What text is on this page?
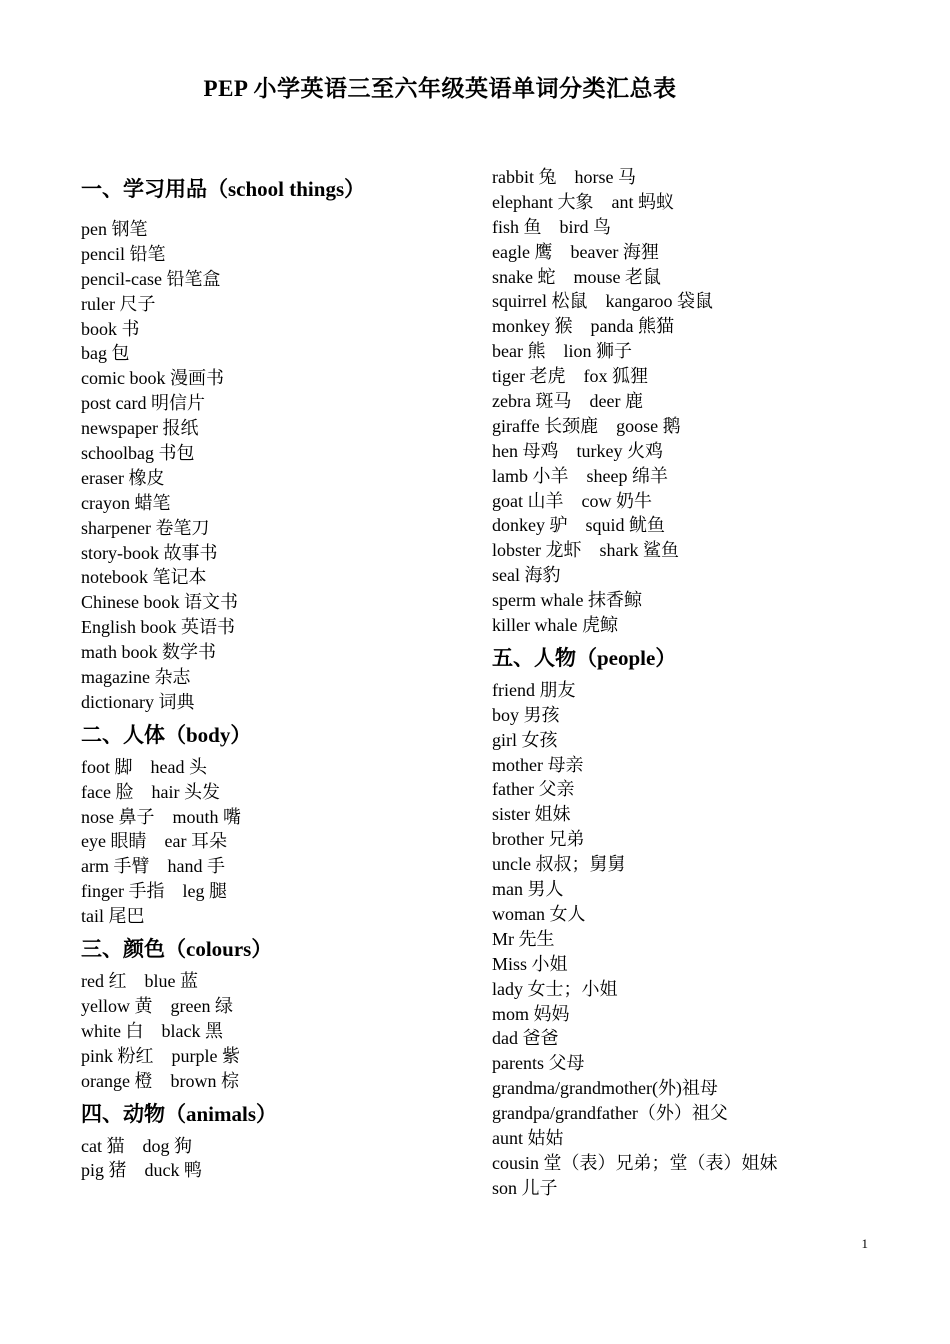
PEP 小学英语三至六年级英语单词分类汇总表
一、学习用品（school things）
pen 钢笔
pencil 铅笔
pencil-case 铅笔盒
ruler 尺子
book 书
bag 包
comic book 漫画书
post card 明信片
newspaper 报纸
schoolbag 书包
eraser 橡皮
crayon 蜡笔
sharpener 卷笔刀
story-book 故事书
notebook 笔记本
Chinese book 语文书
English book 英语书
math book 数学书
magazine 杂志
dictionary 词典
二、人体（body）
foot 脚 head 头
face 脸 hair 头发
nose 鼻子 mouth 嘴
eye 眼睛 ear 耳朵
arm 手臂 hand 手
finger 手指 leg 腿
tail 尾巴
三、颜色（colours）
red 红 blue 蓝
yellow 黄 green 绿
white 白 black 黑
pink 粉红 purple 紫
orange 橙 brown 棕
四、动物（animals）
cat 猫 dog 狗
pig 猪 duck 鸭
rabbit 兔 horse 马
elephant 大象 ant 蚂蚁
fish 鱼 bird 鸟
eagle 鹰 beaver 海狸
snake 蛇 mouse 老鼠
squirrel 松鼠 kangaroo 袋鼠
monkey 猴 panda 熊猫
bear 熊 lion 狮子
tiger 老虎 fox 狐狸
zebra 斑马 deer 鹿
giraffe 长颈鹿 goose 鹅
hen 母鸡 turkey 火鸡
lamb 小羊 sheep 绵羊
goat 山羊 cow 奶牛
donkey 驴 squid 鱿鱼
lobster 龙虾 shark 鲨鱼
seal 海豹
sperm whale 抹香鲸
killer whale 虎鲸
五、人物（people）
friend 朋友
boy 男孩
girl 女孩
mother 母亲
father 父亲
sister 姐妹
brother 兄弟
uncle 叔叔；舅舅
man 男人
woman 女人
Mr 先生
Miss 小姐
lady 女士；小姐
mom 妈妈
dad 爸爸
parents 父母
grandma/grandmother(外)祖母
grandpa/grandfather（外）祖父
aunt 姑姑
cousin 堂（表）兄弟；堂（表）姐妹
son 儿子
1
